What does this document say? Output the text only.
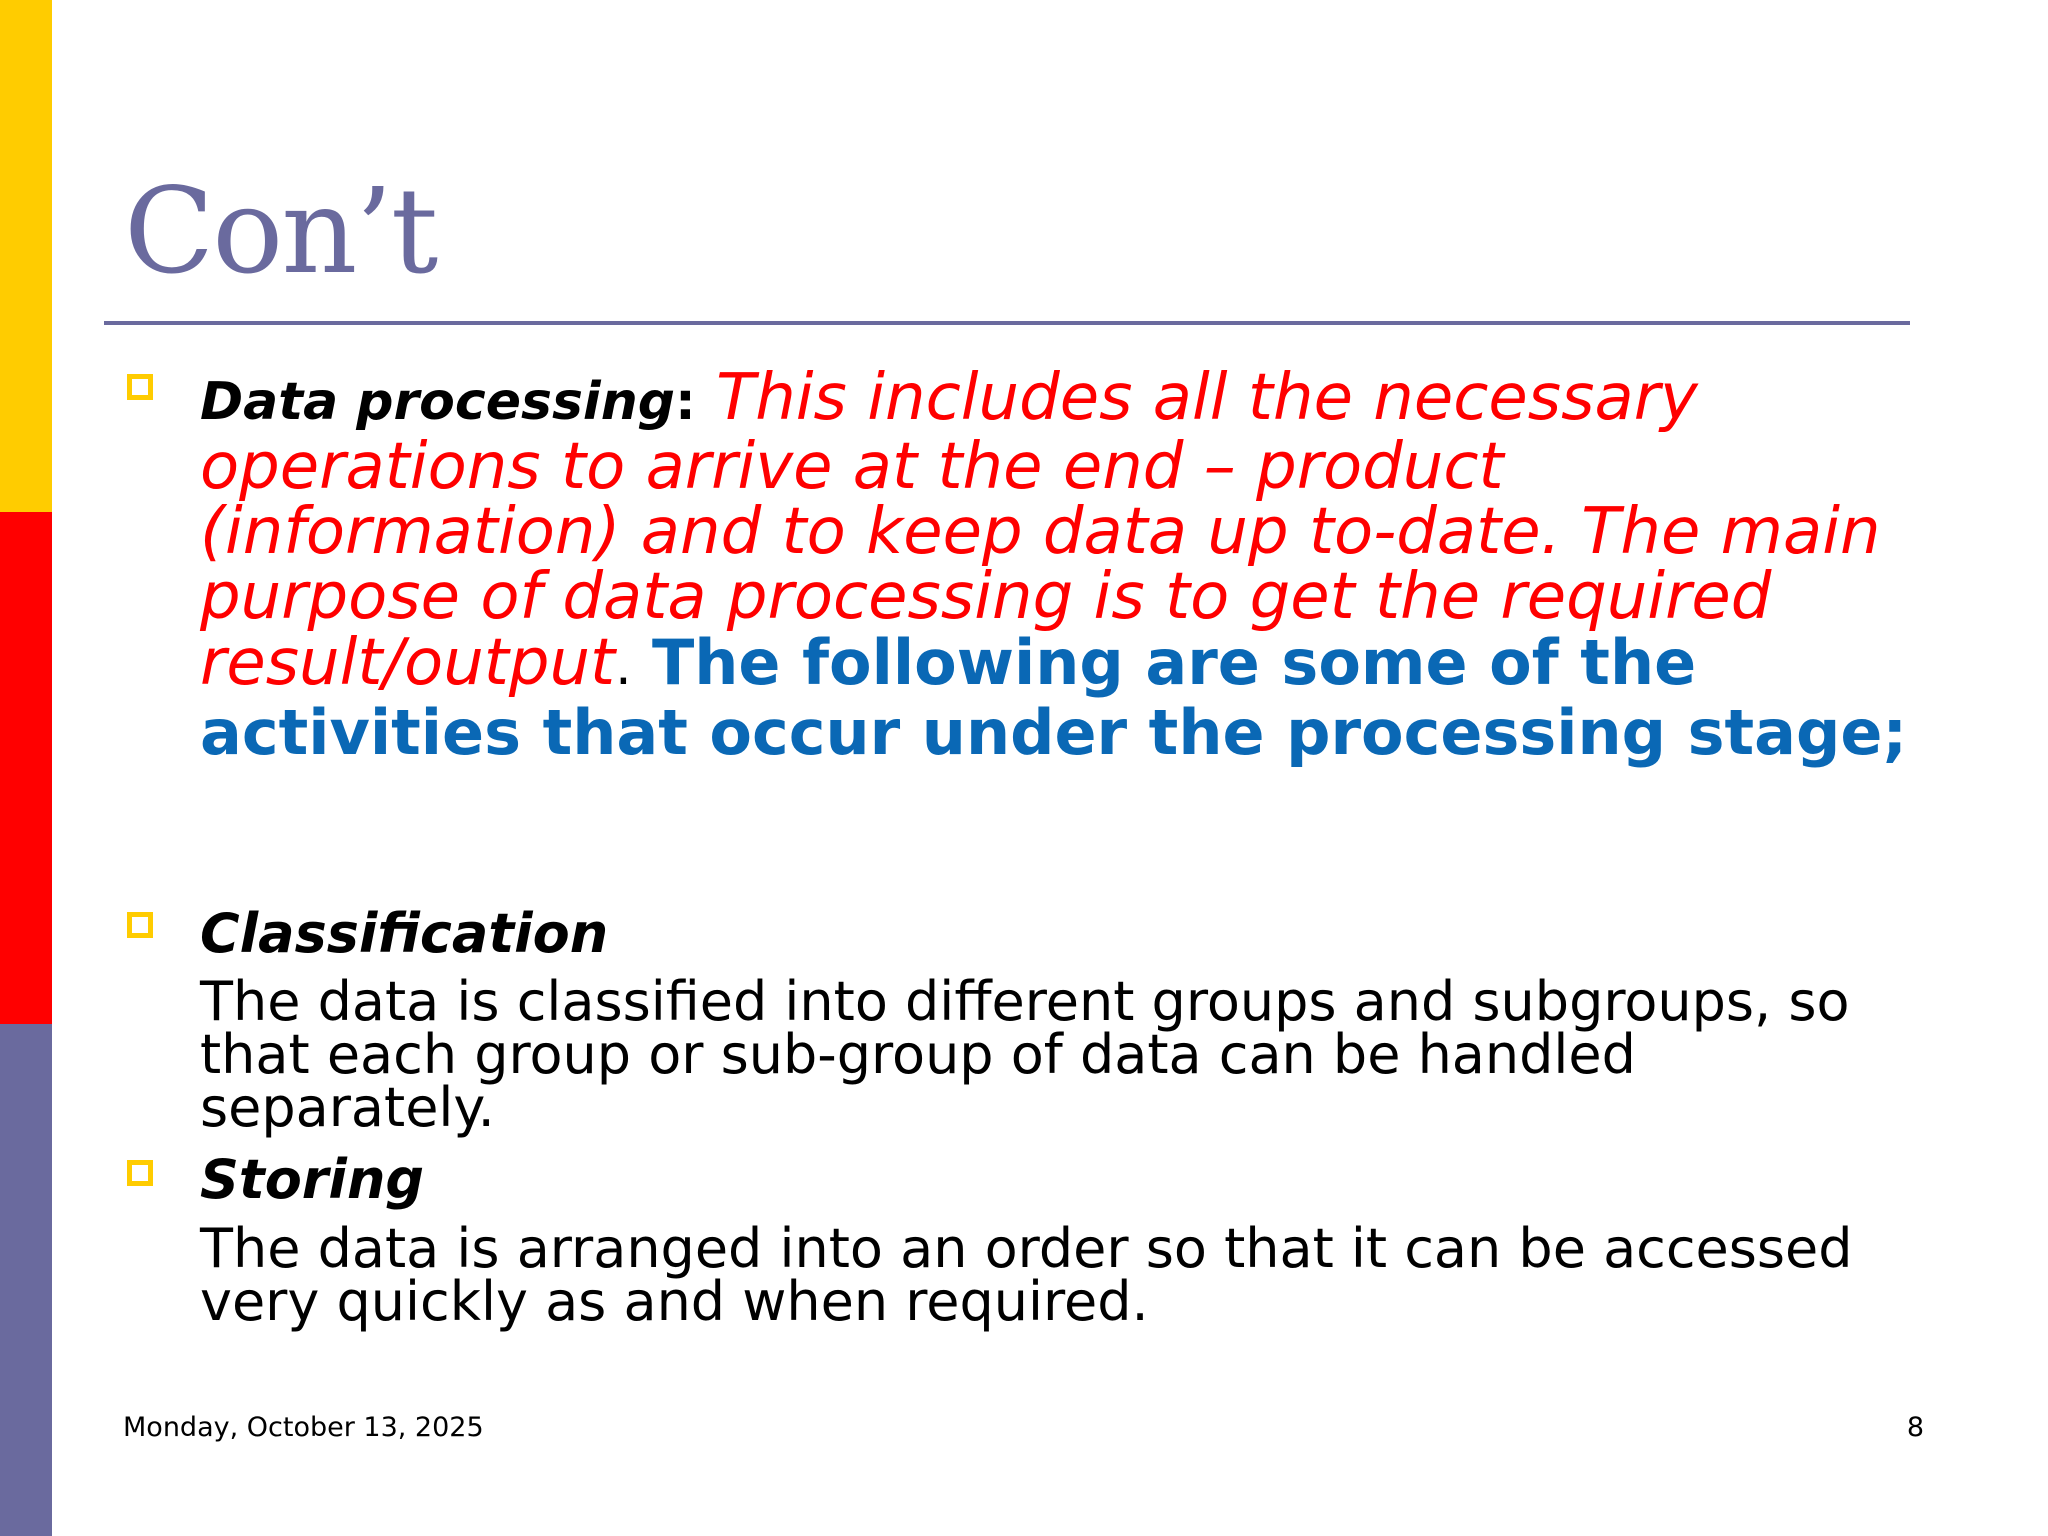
Con’t
Data processing: This includes all the necessary operations to arrive at the end – product (information) and to keep data up to-date. The main purpose of data processing is to get the required result/output. The following are some of the activities that occur under the processing stage;
Classification
The data is classified into different groups and subgroups, so that each group or sub-group of data can be handled separately.
Storing
The data is arranged into an order so that it can be accessed very quickly as and when required.
Monday, October 13, 2025	8
